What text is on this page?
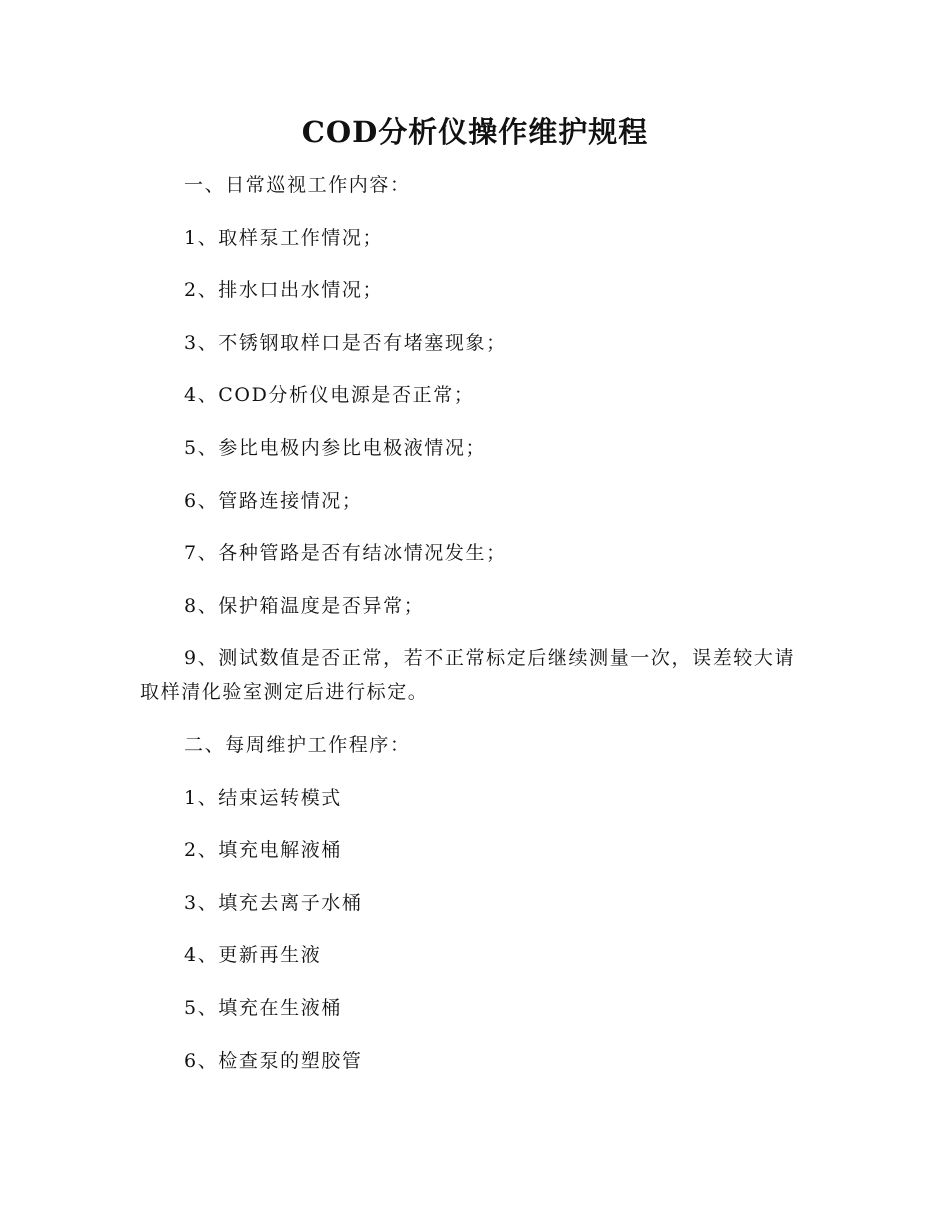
COD分析仪操作维护规程

一、日常巡视工作内容：

1、取样泵工作情况；

2、排水口出水情况；

3、不锈钢取样口是否有堵塞现象；

4、COD分析仪电源是否正常；

5、参比电极内参比电极液情况；

6、管路连接情况；

7、各种管路是否有结冰情况发生；

8、保护箱温度是否异常；

9、测试数值是否正常，若不正常标定后继续测量一次，误差较大请取样清化验室测定后进行标定。

二、每周维护工作程序：

1、结束运转模式

2、填充电解液桶

3、填充去离子水桶

4、更新再生液

5、填充在生液桶

6、检查泵的塑胶管
